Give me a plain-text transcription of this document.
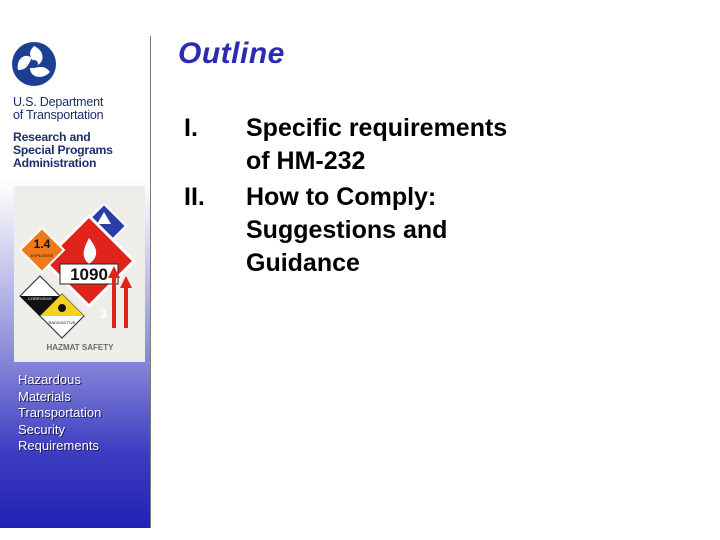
U.S. Department
of Transportation
Research and
Special Programs
Administration
1090
1.4
EXPLOSIVE
CORROSIVE
RADIOACTIVE
3
HAZMAT SAFETY
Hazardous
Materials
Transportation
Security
Requirements
Outline
I. Specific requirements
of HM-232
II. How to Comply:
Suggestions and
Guidance
